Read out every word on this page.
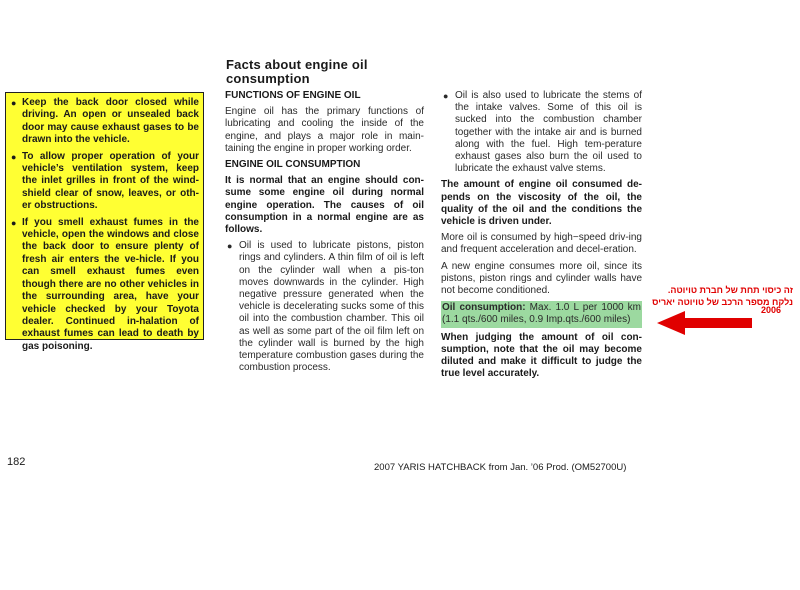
● Keep the back door closed while driving. An open or unsealed back door may cause exhaust gases to be drawn into the vehicle.
● To allow proper operation of your vehicle’s ventilation system, keep the inlet grilles in front of the wind-shield clear of snow, leaves, or oth-er obstructions.
● If you smell exhaust fumes in the vehicle, open the windows and close the back door to ensure plenty of fresh air enters the ve-hicle. If you can smell exhaust fumes even though there are no other vehicles in the surrounding area, have your vehicle checked by your Toyota dealer. Continued in-halation of exhaust fumes can lead to death by gas poisoning.
Facts about engine oil consumption
FUNCTIONS OF ENGINE OIL

Engine oil has the primary functions of lubricating and cooling the inside of the engine, and plays a major role in main-taining the engine in proper working order.

ENGINE OIL CONSUMPTION

It is normal that an engine should con-sume some engine oil during normal engine operation. The causes of oil consumption in a normal engine are as follows.

● Oil is used to lubricate pistons, piston rings and cylinders. A thin film of oil is left on the cylinder wall when a pis-ton moves downwards in the cylinder. High negative pressure generated when the vehicle is decelerating sucks some of this oil into the combustion chamber. This oil as well as some part of the oil film left on the cylinder wall is burned by the high temperature combustion gases during the combustion process.
● Oil is also used to lubricate the stems of the intake valves. Some of this oil is sucked into the combustion chamber together with the intake air and is burned along with the fuel. High tem-perature exhaust gases also burn the oil used to lubricate the exhaust valve stems.

The amount of engine oil consumed de-pends on the viscosity of the oil, the quality of the oil and the conditions the vehicle is driven under.

More oil is consumed by high−speed driv-ing and frequent acceleration and decel-eration.

A new engine consumes more oil, since its pistons, piston rings and cylinder walls have not become conditioned.

Oil consumption: Max. 1.0 L per 1000 km (1.1 qts./600 miles, 0.9 Imp.qts./600 miles)

When judging the amount of oil con-sumption, note that the oil may become diluted and make it difficult to judge the true level accurately.

זה כיסוי תחת של חברת טויוטה.
נלקח מספר הרכב של טויוטה יאריס
2006
182	2007 YARIS HATCHBACK from Jan. ’06 Prod. (OM52700U)
